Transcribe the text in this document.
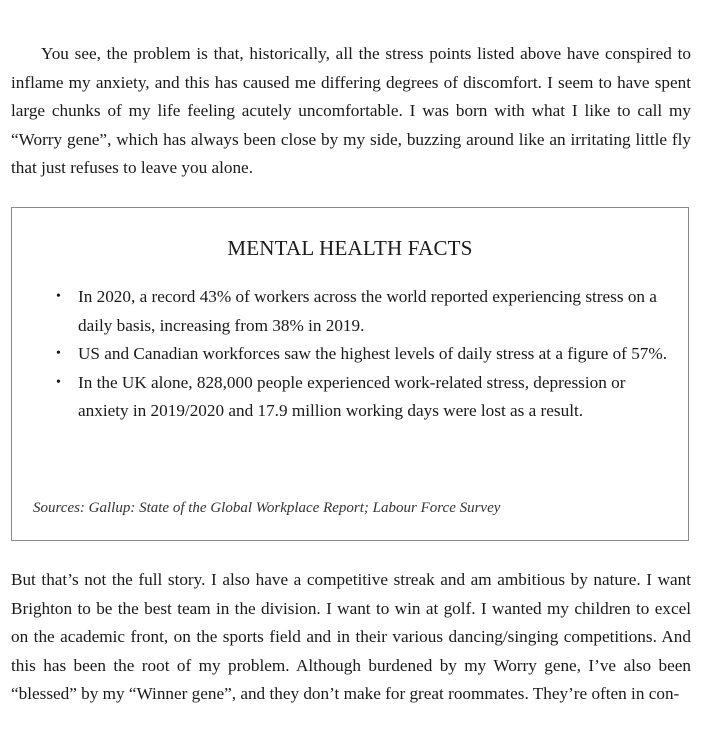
You see, the problem is that, historically, all the stress points listed above have conspired to inflame my anxiety, and this has caused me differing degrees of discomfort. I seem to have spent large chunks of my life feeling acutely uncomfortable. I was born with what I like to call my “Worry gene”, which has always been close by my side, buzzing around like an irritating little fly that just refuses to leave you alone.

MENTAL HEALTH FACTS
• In 2020, a record 43% of workers across the world reported experiencing stress on a daily basis, increasing from 38% in 2019.
• US and Canadian workforces saw the highest levels of daily stress at a figure of 57%.
• In the UK alone, 828,000 people experienced work-related stress, depression or anxiety in 2019/2020 and 17.9 million working days were lost as a result.
Sources: Gallup: State of the Global Workplace Report; Labour Force Survey

But that’s not the full story. I also have a competitive streak and am ambitious by nature. I want Brighton to be the best team in the division. I want to win at golf. I wanted my children to excel on the academic front, on the sports field and in their various dancing/singing competitions. And this has been the root of my problem. Although burdened by my Worry gene, I’ve also been “blessed” by my “Winner gene”, and they don’t make for great roommates. They’re often in con-
